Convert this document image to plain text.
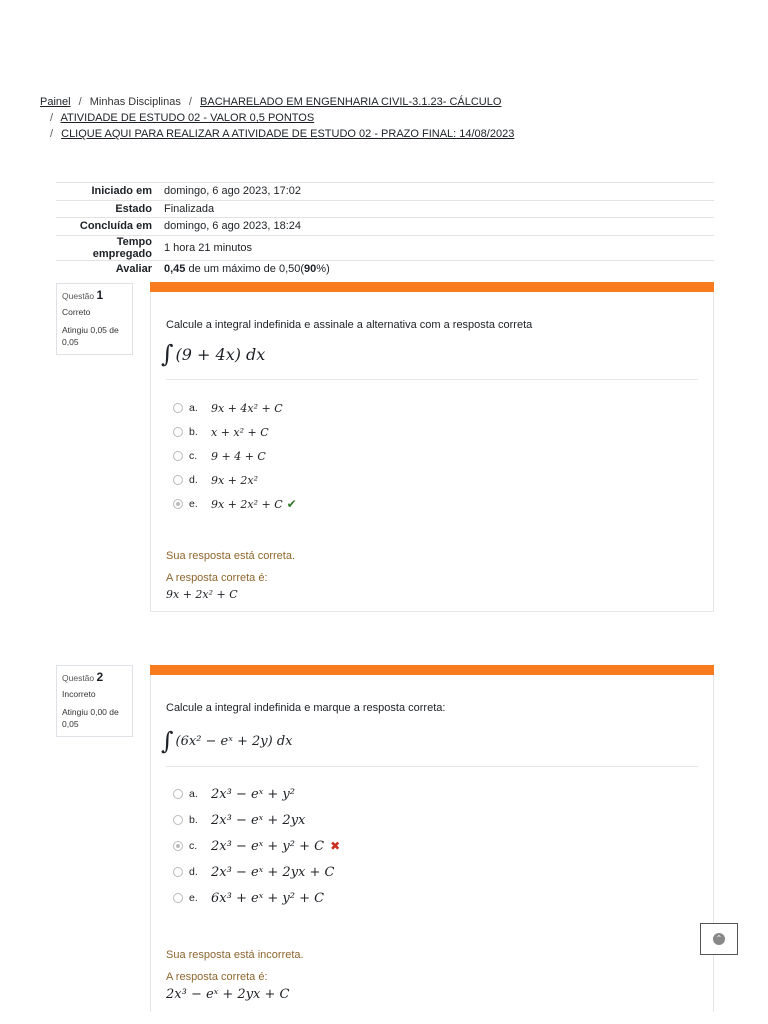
Painel / Minhas Disciplinas / BACHARELADO EM ENGENHARIA CIVIL-3.1.23- CÁLCULO
/ ATIVIDADE DE ESTUDO 02 - VALOR 0,5 PONTOS
/ CLIQUE AQUI PARA REALIZAR A ATIVIDADE DE ESTUDO 02 - PRAZO FINAL: 14/08/2023
Iniciado em	domingo, 6 ago 2023, 17:02
Estado	Finalizada
Concluída em	domingo, 6 ago 2023, 18:24
Tempo empregado	1 hora 21 minutos
Avaliar	0,45 de um máximo de 0,50(90%)
Questão 1
Correto
Atingiu 0,05 de 0,05
Calcule a integral indefinida e assinale a alternativa com a resposta correta
∫ (9 + 4x) dx
a.	9x + 4x² + C
b.	x + x² + C
c.	9 + 4 + C
d.	9x + 2x²
e.	9x + 2x² + C ✔
Sua resposta está correta.
A resposta correta é:
9x + 2x² + C
Questão 2
Incorreto
Atingiu 0,00 de 0,05
Calcule a integral indefinida e marque a resposta correta:
∫ (6x² − eˣ + 2y) dx
a.	2x³ − eˣ + y²
b.	2x³ − eˣ + 2yx
c.	2x³ − eˣ + y² + C ✖
d.	2x³ − eˣ + 2yx + C
e.	6x³ + eˣ + y² + C
Sua resposta está incorreta.
A resposta correta é:
2x³ − eˣ + 2yx + C
⌃
